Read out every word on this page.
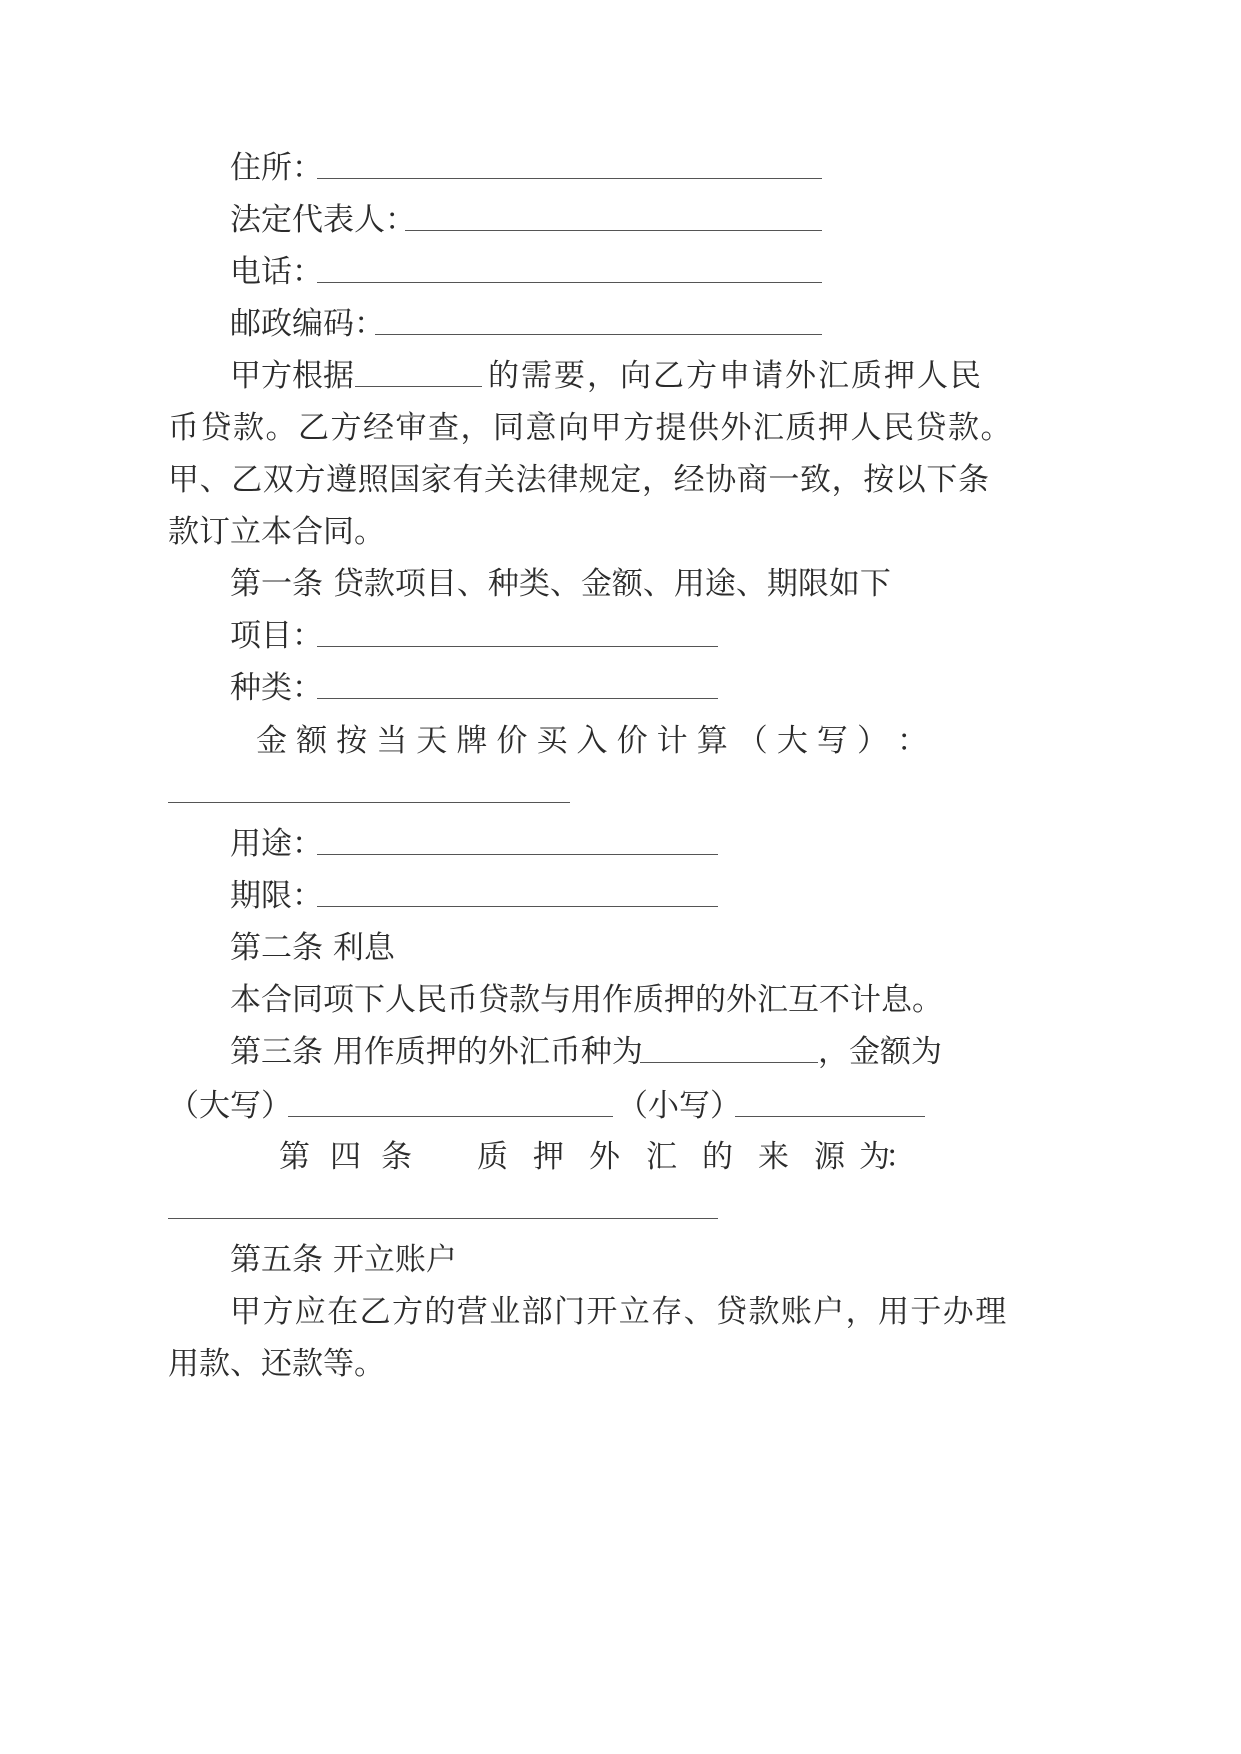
住所：
法定代表人：
电话：
邮政编码：
甲方根据	的需要，向乙方申请外汇质押人民
币贷款。乙方经审查，同意向甲方提供外汇质押人民贷款。
甲、乙双方遵照国家有关法律规定，经协商一致，按以下条
款订立本合同。
第一条 贷款项目、种类、金额、用途、期限如下
项目：
种类：
金 额 按 当 天 牌 价 买 入 价 计 算 （ 大 写 ） ：
用途：
期限：
第二条 利息
本合同项下人民币贷款与用作质押的外汇互不计息。
第三条 用作质押的外汇币种为	，金额为
（大写）	（小写）
第 四 条 质 押 外 汇 的 来 源 为
：
第五条 开立账户
甲方应在乙方的营业部门开立存、贷款账户，用于办理
用款、还款等。
